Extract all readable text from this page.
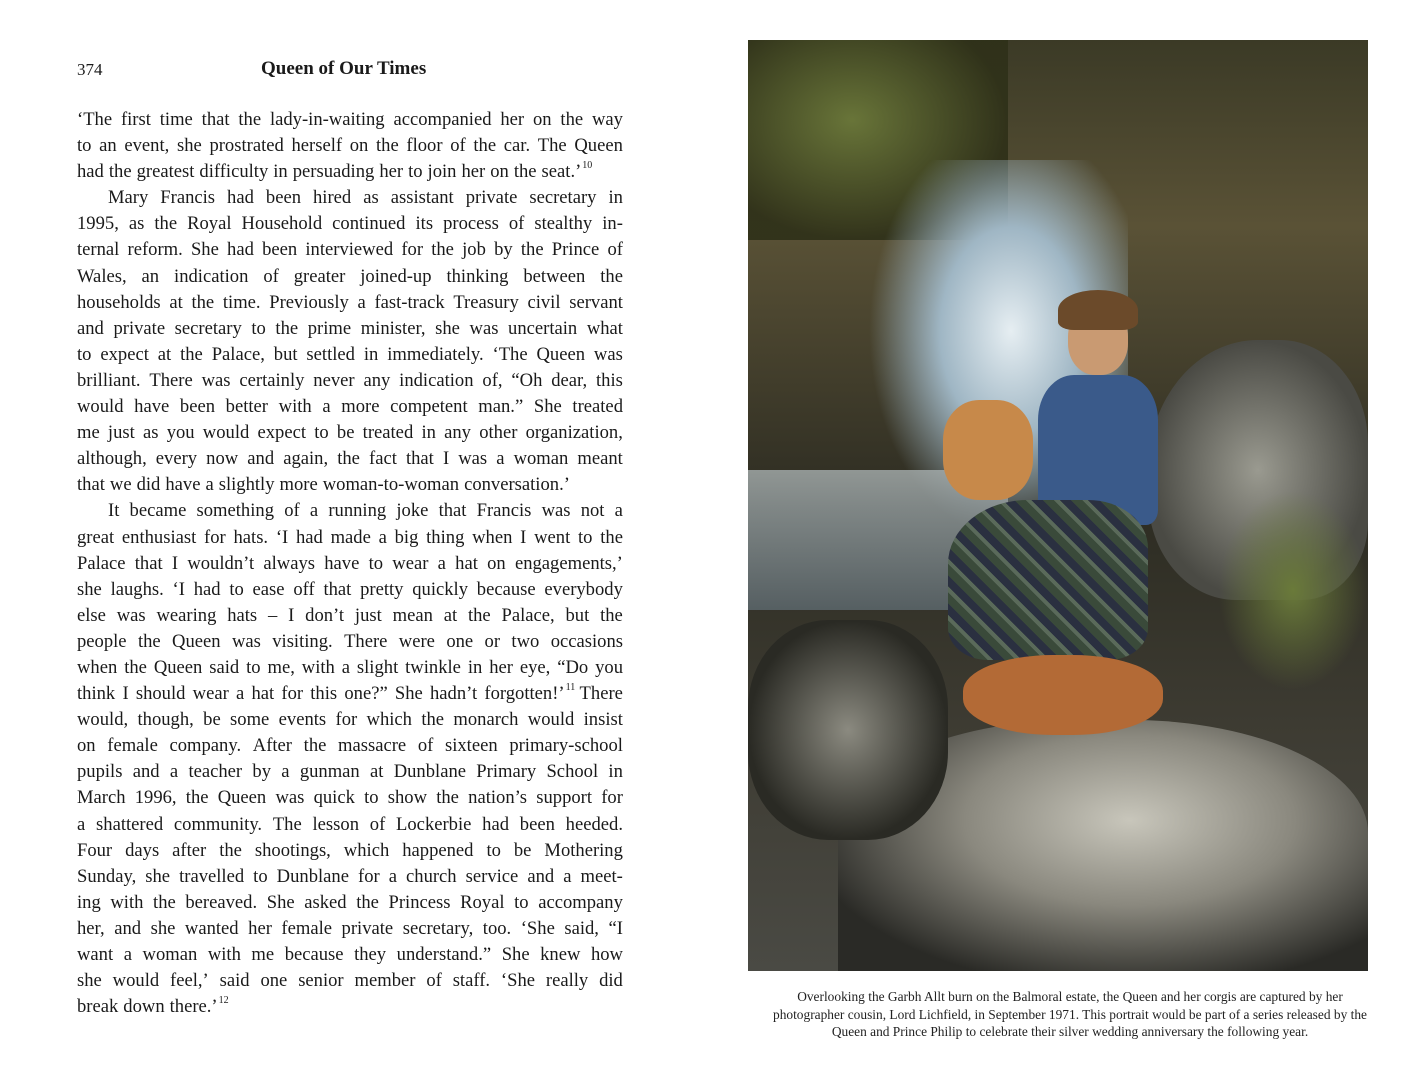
374	Queen of Our Times
‘The first time that the lady-in-waiting accompanied her on the way
to an event, she prostrated herself on the floor of the car. The Queen
had the greatest difficulty in persuading her to join her on the seat.’$^{10}$
Mary Francis had been hired as assistant private secretary in
1995, as the Royal Household continued its process of stealthy in-
ternal reform. She had been interviewed for the job by the Prince of
Wales, an indication of greater joined-up thinking between the
households at the time. Previously a fast-track Treasury civil servant
and private secretary to the prime minister, she was uncertain what
to expect at the Palace, but settled in immediately. ‘The Queen was
brilliant. There was certainly never any indication of, “Oh dear, this
would have been better with a more competent man.” She treated
me just as you would expect to be treated in any other organization,
although, every now and again, the fact that I was a woman meant
that we did have a slightly more woman-to-woman conversation.’
It became something of a running joke that Francis was not a
great enthusiast for hats. ‘I had made a big thing when I went to the
Palace that I wouldn’t always have to wear a hat on engagements,’
she laughs. ‘I had to ease off that pretty quickly because everybody
else was wearing hats – I don’t just mean at the Palace, but the
people the Queen was visiting. There were one or two occasions
when the Queen said to me, with a slight twinkle in her eye, “Do you
think I should wear a hat for this one?” She hadn’t forgotten!’$^{11}$ There
would, though, be some events for which the monarch would insist
on female company. After the massacre of sixteen primary-school
pupils and a teacher by a gunman at Dunblane Primary School in
March 1996, the Queen was quick to show the nation’s support for
a shattered community. The lesson of Lockerbie had been heeded.
Four days after the shootings, which happened to be Mothering
Sunday, she travelled to Dunblane for a church service and a meet-
ing with the bereaved. She asked the Princess Royal to accompany
her, and she wanted her female private secretary, too. ‘She said, “I
want a woman with me because they understand.” She knew how
she would feel,’ said one senior member of staff. ‘She really did
break down there.’$^{12}$	Overlooking the Garbh Allt burn on the Balmoral estate, the Queen and her corgis are captured by her photographer cousin, Lord Lichfield, in September 1971. This portrait would be part of a series released by the Queen and Prince Philip to celebrate their silver wedding anniversary the following year.
